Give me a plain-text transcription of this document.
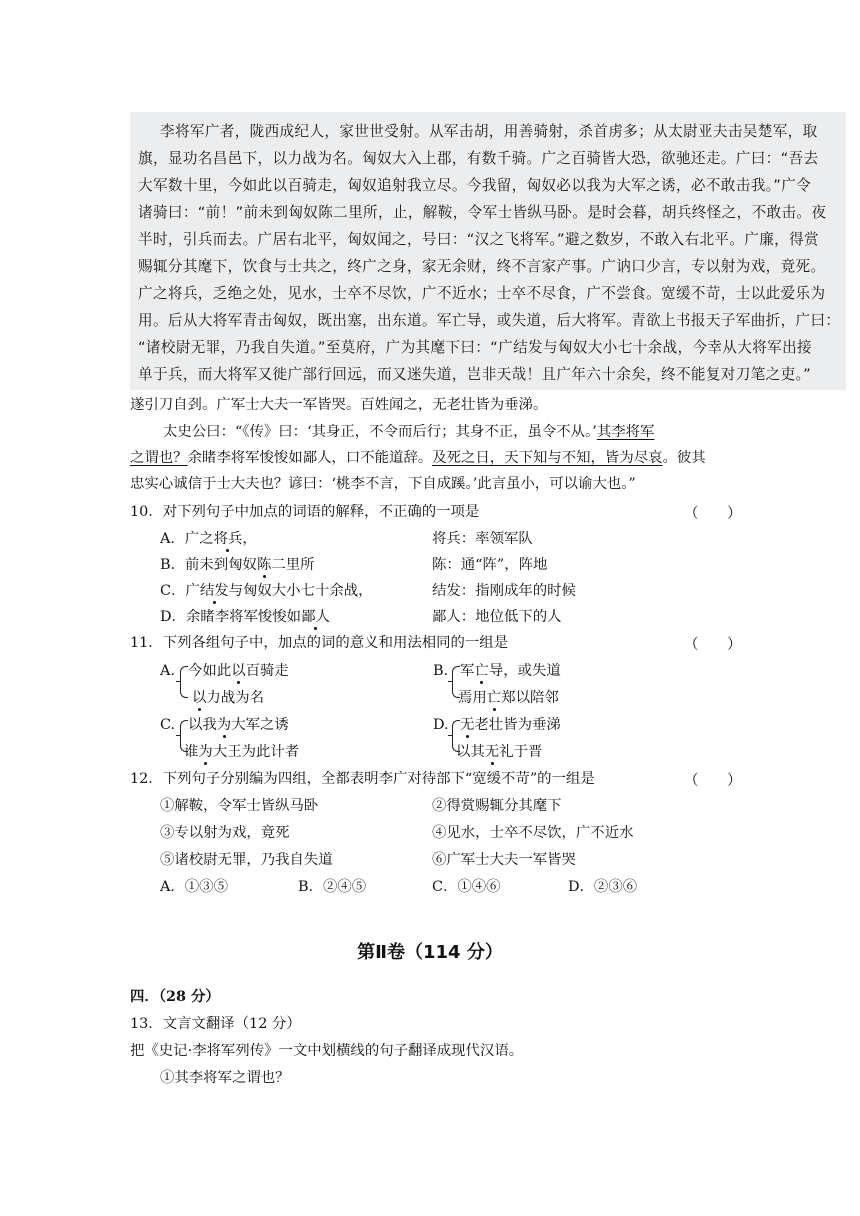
李将军广者，陇西成纪人，家世世受射。从军击胡，用善骑射，杀首虏多；从太尉亚夫击吴楚军，取
旗，显功名昌邑下，以力战为名。匈奴大入上郡，有数千骑。广之百骑皆大恐，欲驰还走。广曰：“吾去
大军数十里，今如此以百骑走，匈奴追射我立尽。今我留，匈奴必以我为大军之诱，必不敢击我。”广令
诸骑曰：“前！”前未到匈奴陈二里所，止，解鞍，令军士皆纵马卧。是时会暮，胡兵终怪之，不敢击。夜
半时，引兵而去。广居右北平，匈奴闻之，号曰：“汉之飞将军。”避之数岁，不敢入右北平。广廉，得赏
赐辄分其麾下，饮食与士共之，终广之身，家无余财，终不言家产事。广讷口少言，专以射为戏，竟死。
广之将兵，乏绝之处，见水，士卒不尽饮，广不近水；士卒不尽食，广不尝食。宽缓不苛，士以此爱乐为
用。后从大将军青击匈奴，既出塞，出东道。军亡导，或失道，后大将军。青欲上书报天子军曲折，广曰：
“诸校尉无罪，乃我自失道。”至莫府，广为其麾下曰：“广结发与匈奴大小七十余战，今幸从大将军出接
单于兵，而大将军又徙广部行回远，而又迷失道，岂非天哉！且广年六十余矣，终不能复对刀笔之吏。”
遂引刀自刭。广军士大夫一军皆哭。百姓闻之，无老壮皆为垂涕。
太史公曰：“《传》曰：‘其身正，不令而后行；其身不正，虽令不从。’其李将军
之谓也？余睹李将军悛悛如鄙人，口不能道辞。及死之日，天下知与不知，皆为尽哀。彼其
忠实心诚信于士大夫也？谚曰：‘桃李不言，下自成蹊。’此言虽小，可以谕大也。”
10．对下列句子中加点的词语的解释，不正确的一项是	（　　）
A．广之将兵，	将兵：率领军队
B．前未到匈奴陈二里所	陈：通“阵”，阵地
C．广结发与匈奴大小七十余战，	结发：指刚成年的时候
D．余睹李将军悛悛如鄙人	鄙人：地位低下的人
11．下列各组句子中，加点的词的意义和用法相同的一组是	（　　）
A. 今如此以百骑走
以力战为名
B. 军亡导，或失道
焉用亡郑以陪邻
C. 以我为大军之诱
谁为大王为此计者
D. 无老壮皆为垂涕
以其无礼于晋
12．下列句子分别编为四组，全都表明李广对待部下“宽缓不苛”的一组是	（　　）
①解鞍，令军士皆纵马卧	②得赏赐辄分其麾下
③专以射为戏，竟死	④见水，士卒不尽饮，广不近水
⑤诸校尉无罪，乃我自失道	⑥广军士大夫一军皆哭
A．①③⑤	B．②④⑤	C．①④⑥	D．②③⑥
第Ⅱ卷（114 分）
四．（28 分）
13．文言文翻译（12 分）
把《史记·李将军列传》一文中划横线的句子翻译成现代汉语。
①其李将军之谓也？
